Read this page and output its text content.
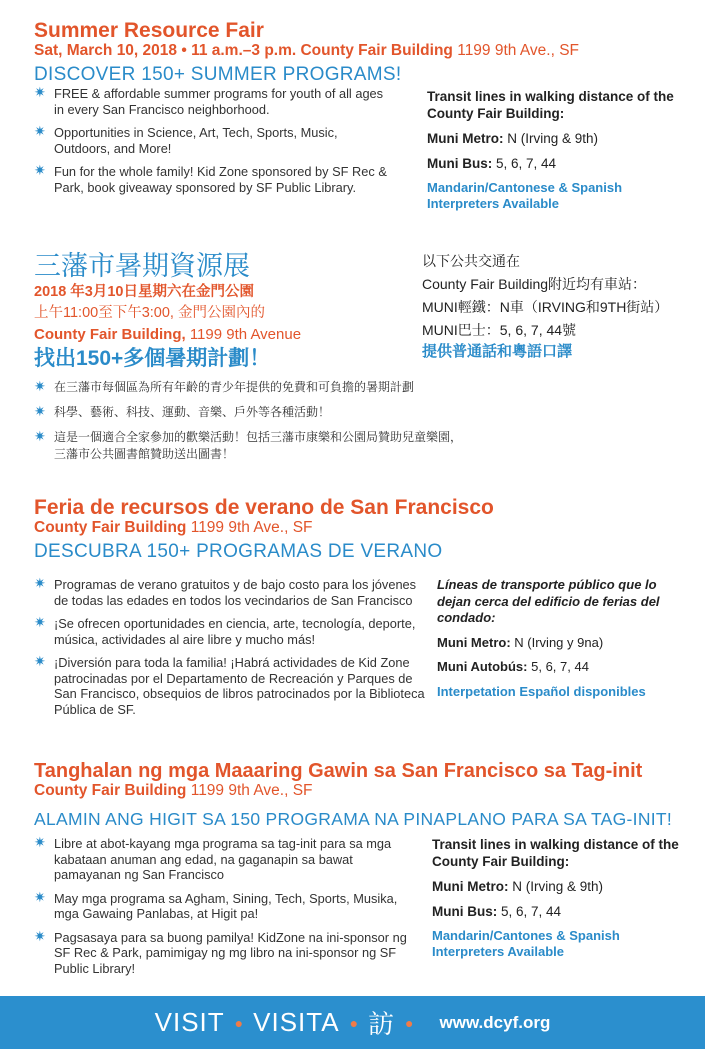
Summer Resource Fair
Sat, March 10, 2018 • 11 a.m.–3 p.m. County Fair Building 1199 9th Ave., SF
DISCOVER 150+ SUMMER PROGRAMS!
✷ FREE & affordable summer programs for youth of all ages in every San Francisco neighborhood.
✷ Opportunities in Science, Art, Tech, Sports, Music, Outdoors, and More!
✷ Fun for the whole family! Kid Zone sponsored by SF Rec & Park, book giveaway sponsored by SF Public Library.
Transit lines in walking distance of the County Fair Building:
Muni Metro: N (Irving & 9th)
Muni Bus: 5, 6, 7, 44
Mandarin/Cantonese & Spanish Interpreters Available
三藩市暑期資源展
2018 年3月10日星期六在金門公園
上午11:00至下午3:00, 金門公園內的
County Fair Building, 1199 9th Avenue
找出150+多個暑期計劃！
以下公共交通在
County Fair Building附近均有車站：
MUNI輕鐵：N車（IRVING和9TH街站）
MUNI巴士：5, 6, 7, 44號
提供普通話和粵語口譯
✷ 在三藩市每個區為所有年齡的青少年提供的免費和可負擔的暑期計劃
✷ 科學、藝術、科技、運動、音樂、戶外等各種活動！
✷ 這是一個適合全家參加的歡樂活動！包括三藩市康樂和公園局贊助兒童樂園，三藩市公共圖書館贊助送出圖書！
Feria de recursos de verano de San Francisco
County Fair Building 1199 9th Ave., SF
DESCUBRA 150+ PROGRAMAS DE VERANO
✷ Programas de verano gratuitos y de bajo costo para los jóvenes de todas las edades en todos los vecindarios de San Francisco
✷ ¡Se ofrecen oportunidades en ciencia, arte, tecnología, deporte, música, actividades al aire libre y mucho más!
✷ ¡Diversión para toda la familia! ¡Habrá actividades de Kid Zone patrocinadas por el Departamento de Recreación y Parques de San Francisco, obsequios de libros patrocinados por la Biblioteca Pública de SF.
Líneas de transporte público que lo dejan cerca del edificio de ferias del condado:
Muni Metro: N (Irving y 9na)
Muni Autobús: 5, 6, 7, 44
Interpetation Español disponibles
Tanghalan ng mga Maaaring Gawin sa San Francisco sa Tag-init
County Fair Building 1199 9th Ave., SF
ALAMIN ANG HIGIT SA 150 PROGRAMA NA PINAPLANO PARA SA TAG-INIT!
✷ Libre at abot-kayang mga programa sa tag-init para sa mga kabataan anuman ang edad, na gaganapin sa bawat pamayanan ng San Francisco
✷ May mga programa sa Agham, Sining, Tech, Sports, Musika, mga Gawaing Panlabas, at Higit pa!
✷ Pagsasaya para sa buong pamilya! KidZone na ini-sponsor ng SF Rec & Park, pamimigay ng mg libro na ini-sponsor ng SF Public Library!
Transit lines in walking distance of the County Fair Building:
Muni Metro: N (Irving & 9th)
Muni Bus: 5, 6, 7, 44
Mandarin/Cantones & Spanish Interpreters Available
VISIT ● VISITA ● 訪 ● www.dcyf.org
